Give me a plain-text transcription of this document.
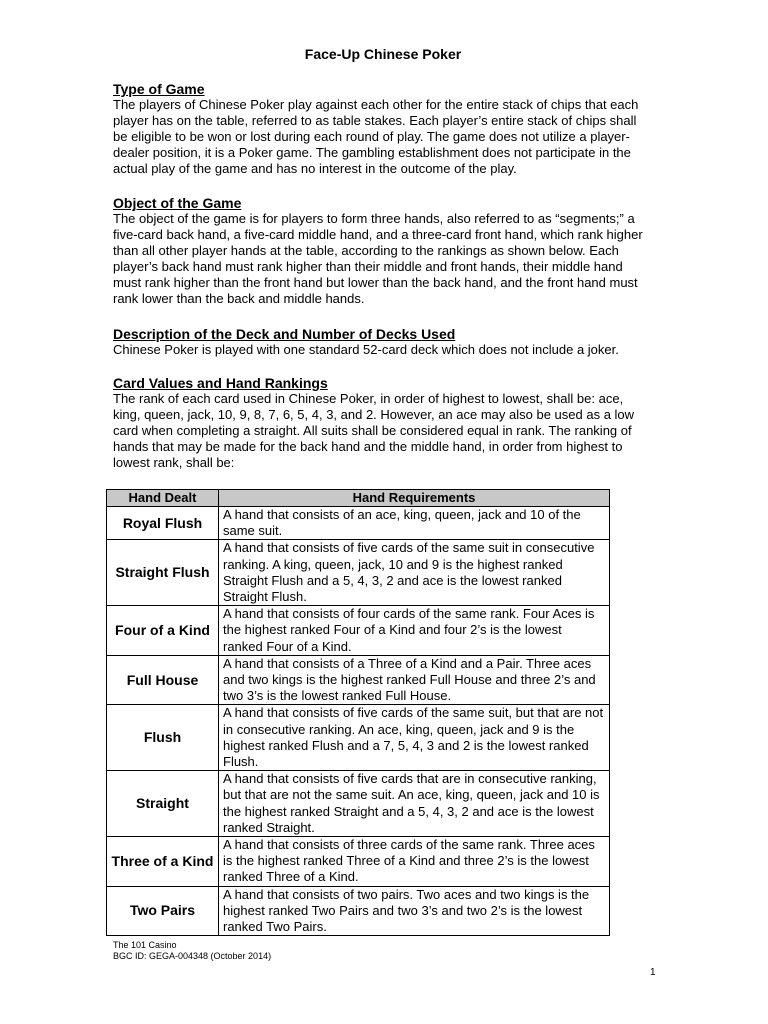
Face-Up Chinese Poker
Type of Game

The players of Chinese Poker play against each other for the entire stack of chips that each player has on the table, referred to as table stakes. Each player’s entire stack of chips shall be eligible to be won or lost during each round of play. The game does not utilize a player-dealer position, it is a Poker game. The gambling establishment does not participate in the actual play of the game and has no interest in the outcome of the play.

Object of the Game

The object of the game is for players to form three hands, also referred to as “segments;” a five-card back hand, a five-card middle hand, and a three-card front hand, which rank higher than all other player hands at the table, according to the rankings as shown below. Each player’s back hand must rank higher than their middle and front hands, their middle hand must rank higher than the front hand but lower than the back hand, and the front hand must rank lower than the back and middle hands.

Description of the Deck and Number of Decks Used

Chinese Poker is played with one standard 52-card deck which does not include a joker.

Card Values and Hand Rankings

The rank of each card used in Chinese Poker, in order of highest to lowest, shall be: ace, king, queen, jack, 10, 9, 8, 7, 6, 5, 4, 3, and 2. However, an ace may also be used as a low card when completing a straight. All suits shall be considered equal in rank. The ranking of hands that may be made for the back hand and the middle hand, in order from highest to lowest rank, shall be:

Hand Dealt	Hand Requirements
Royal Flush	A hand that consists of an ace, king, queen, jack and 10 of the same suit.
Straight Flush	A hand that consists of five cards of the same suit in consecutive ranking. A king, queen, jack, 10 and 9 is the highest ranked Straight Flush and a 5, 4, 3, 2 and ace is the lowest ranked Straight Flush.
Four of a Kind	A hand that consists of four cards of the same rank. Four Aces is the highest ranked Four of a Kind and four 2’s is the lowest ranked Four of a Kind.
Full House	A hand that consists of a Three of a Kind and a Pair. Three aces and two kings is the highest ranked Full House and three 2’s and two 3’s is the lowest ranked Full House.
Flush	A hand that consists of five cards of the same suit, but that are not in consecutive ranking. An ace, king, queen, jack and 9 is the highest ranked Flush and a 7, 5, 4, 3 and 2 is the lowest ranked Flush.
Straight	A hand that consists of five cards that are in consecutive ranking, but that are not the same suit. An ace, king, queen, jack and 10 is the highest ranked Straight and a 5, 4, 3, 2 and ace is the lowest ranked Straight.
Three of a Kind	A hand that consists of three cards of the same rank. Three aces is the highest ranked Three of a Kind and three 2’s is the lowest ranked Three of a Kind.
Two Pairs	A hand that consists of two pairs. Two aces and two kings is the highest ranked Two Pairs and two 3’s and two 2’s is the lowest ranked Two Pairs.
The 101 Casino
BGC ID: GEGA-004348 (October 2014)
1
